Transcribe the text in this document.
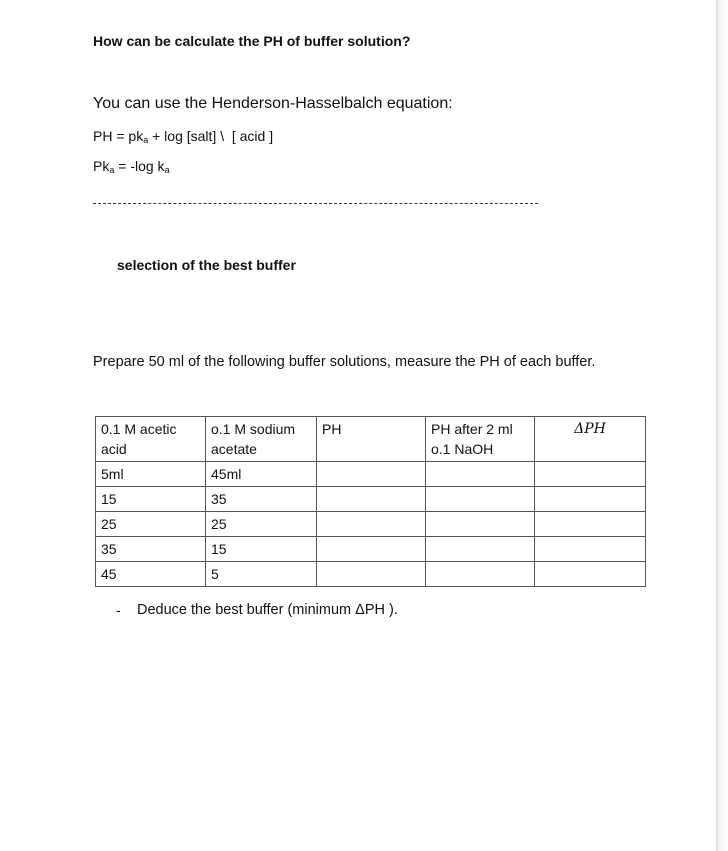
How can be calculate the PH of buffer solution?
You can use the Henderson-Hasselbalch equation:
PH = $pk_a + \log$ [salt] \  [ acid ]
$Pk_a = -\log$ $k_a$
selection of the best buffer
Prepare 50 ml of the following buffer solutions, measure the PH of each buffer.
0.1 M acetic acid	o.1 M sodium acetate	PH	PH after 2 ml o.1 NaOH	ΔPH
5ml	45ml			
15	35			
25	25			
35	15			
45	5			
- Deduce the best buffer (minimum ΔPH ).
